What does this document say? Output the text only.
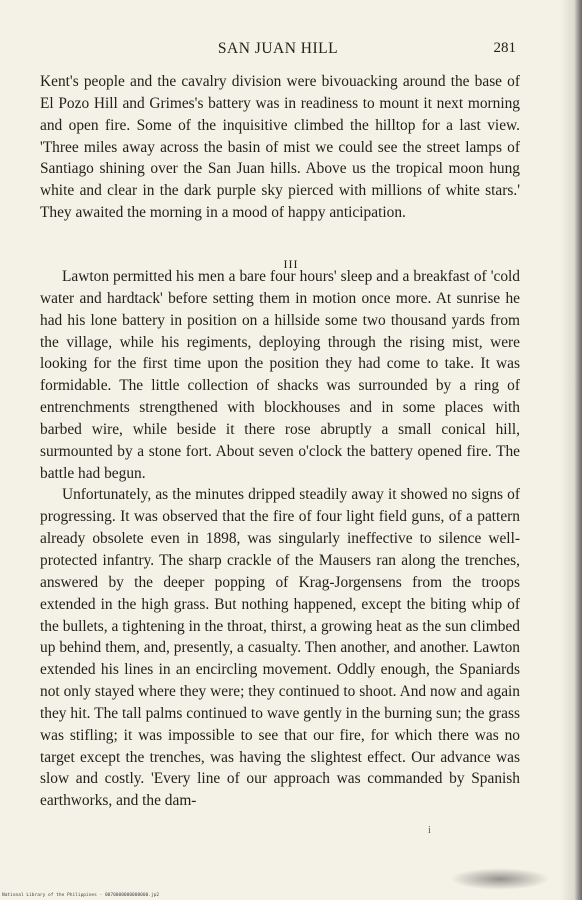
SAN JUAN HILL	281

Kent's people and the cavalry division were bivouacking around the base of El Pozo Hill and Grimes's battery was in readiness to mount it next morning and open fire. Some of the inquisitive climbed the hilltop for a last view. 'Three miles away across the basin of mist we could see the street lamps of Santiago shining over the San Juan hills. Above us the tropical moon hung white and clear in the dark purple sky pierced with millions of white stars.' They awaited the morning in a mood of happy anticipation.

III

Lawton permitted his men a bare four hours' sleep and a breakfast of 'cold water and hardtack' before setting them in motion once more. At sunrise he had his lone battery in position on a hillside some two thousand yards from the village, while his regiments, deploying through the rising mist, were looking for the first time upon the position they had come to take. It was formidable. The little collection of shacks was surrounded by a ring of entrenchments strengthened with blockhouses and in some places with barbed wire, while beside it there rose abruptly a small conical hill, surmounted by a stone fort. About seven o'clock the battery opened fire. The battle had begun.

Unfortunately, as the minutes dripped steadily away it showed no signs of progressing. It was observed that the fire of four light field guns, of a pattern already obsolete even in 1898, was singularly ineffective to silence well-protected infantry. The sharp crackle of the Mausers ran along the trenches, answered by the deeper popping of Krag-Jorgensens from the troops extended in the high grass. But nothing happened, except the biting whip of the bullets, a tightening in the throat, thirst, a growing heat as the sun climbed up behind them, and, presently, a casualty. Then another, and another. Lawton extended his lines in an encircling movement. Oddly enough, the Spaniards not only stayed where they were; they continued to shoot. And now and again they hit. The tall palms continued to wave gently in the burning sun; the grass was stifling; it was impossible to see that our fire, for which there was no target except the trenches, was having the slightest effect. Our advance was slow and costly. 'Every line of our approach was commanded by Spanish earthworks, and the dam-

i
National Library of the Philippines · 0070000000000000.jp2
